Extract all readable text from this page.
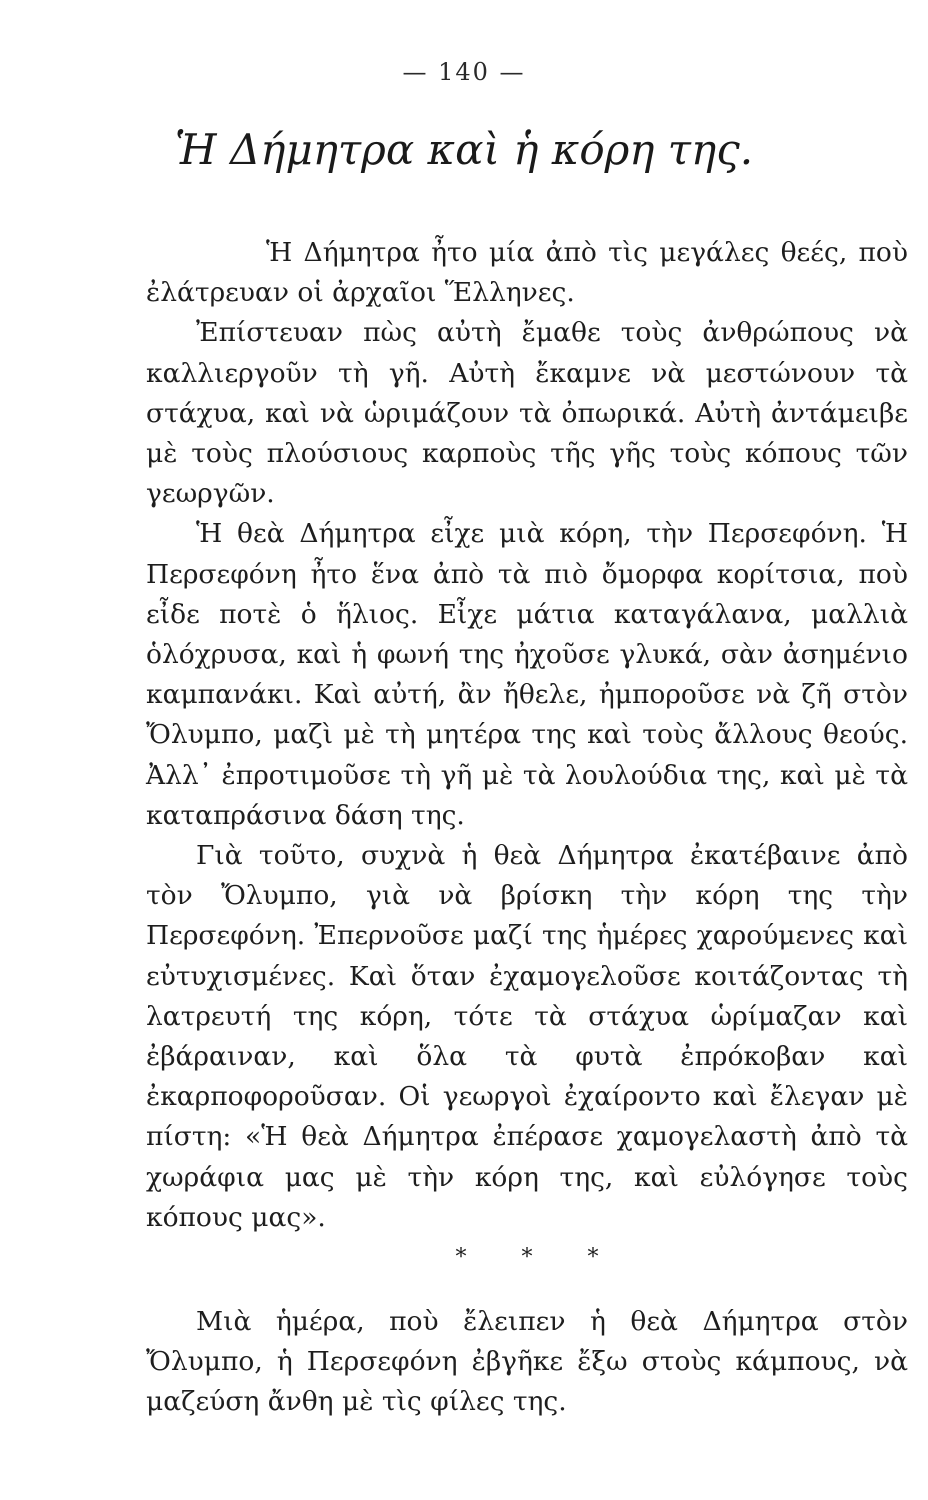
— 140 —
Ἡ Δήμητρα καὶ ἡ κόρη της.

Ἡ Δήμητρα ἦτο μία ἀπὸ τὶς μεγάλες θεές, ποὺ ἐλάτρευαν οἱ ἀρχαῖοι Ἕλληνες.

Ἐπίστευαν πὼς αὐτὴ ἔμαθε τοὺς ἀνθρώπους νὰ καλλιεργοῦν τὴ γῆ. Αὐτὴ ἔκαμνε νὰ μεστώνουν τὰ στάχυα, καὶ νὰ ὡριμάζουν τὰ ὀπωρικά. Αὐτὴ ἀντάμειβε μὲ τοὺς πλούσιους καρποὺς τῆς γῆς τοὺς κόπους τῶν γεωργῶν.

Ἡ θεὰ Δήμητρα εἶχε μιὰ κόρη, τὴν Περσεφόνη. Ἡ Περσεφόνη ἦτο ἕνα ἀπὸ τὰ πιὸ ὄμορφα κορίτσια, ποὺ εἶδε ποτὲ ὁ ἥλιος. Εἶχε μάτια καταγάλανα, μαλλιὰ ὁλόχρυσα, καὶ ἡ φωνή της ἠχοῦσε γλυκά, σὰν ἀσημένιο καμπανάκι. Καὶ αὐτή, ἂν ἤθελε, ἠμποροῦσε νὰ ζῆ στὸν Ὄλυμπο, μαζὶ μὲ τὴ μητέρα της καὶ τοὺς ἄλλους θεούς. Ἀλλ᾽ ἐπροτιμοῦσε τὴ γῆ μὲ τὰ λουλούδια της, καὶ μὲ τὰ καταπράσινα δάση της.

Γιὰ τοῦτο, συχνὰ ἡ θεὰ Δήμητρα ἐκατέβαινε ἀπὸ τὸν Ὄλυμπο, γιὰ νὰ βρίσκη τὴν κόρη της τὴν Περσεφόνη. Ἐπερνοῦσε μαζί της ἡμέρες χαρούμενες καὶ εὐτυχισμένες. Καὶ ὅταν ἐχαμογελοῦσε κοιτάζοντας τὴ λατρευτή της κόρη, τότε τὰ στάχυα ὡρίμαζαν καὶ ἐβάραιναν, καὶ ὅλα τὰ φυτὰ ἐπρόκοβαν καὶ ἐκαρποφοροῦσαν. Οἱ γεωργοὶ ἐχαίροντο καὶ ἔλεγαν μὲ πίστη: «Ἡ θεὰ Δήμητρα ἐπέρασε χαμογελαστὴ ἀπὸ τὰ χωράφια μας μὲ τὴν κόρη της, καὶ εὐλόγησε τοὺς κόπους μας».

* * *

Μιὰ ἡμέρα, ποὺ ἔλειπεν ἡ θεὰ Δήμητρα στὸν Ὄλυμπο, ἡ Περσεφόνη ἐβγῆκε ἔξω στοὺς κάμπους, νὰ μαζεύση ἄνθη μὲ τὶς φίλες της.
